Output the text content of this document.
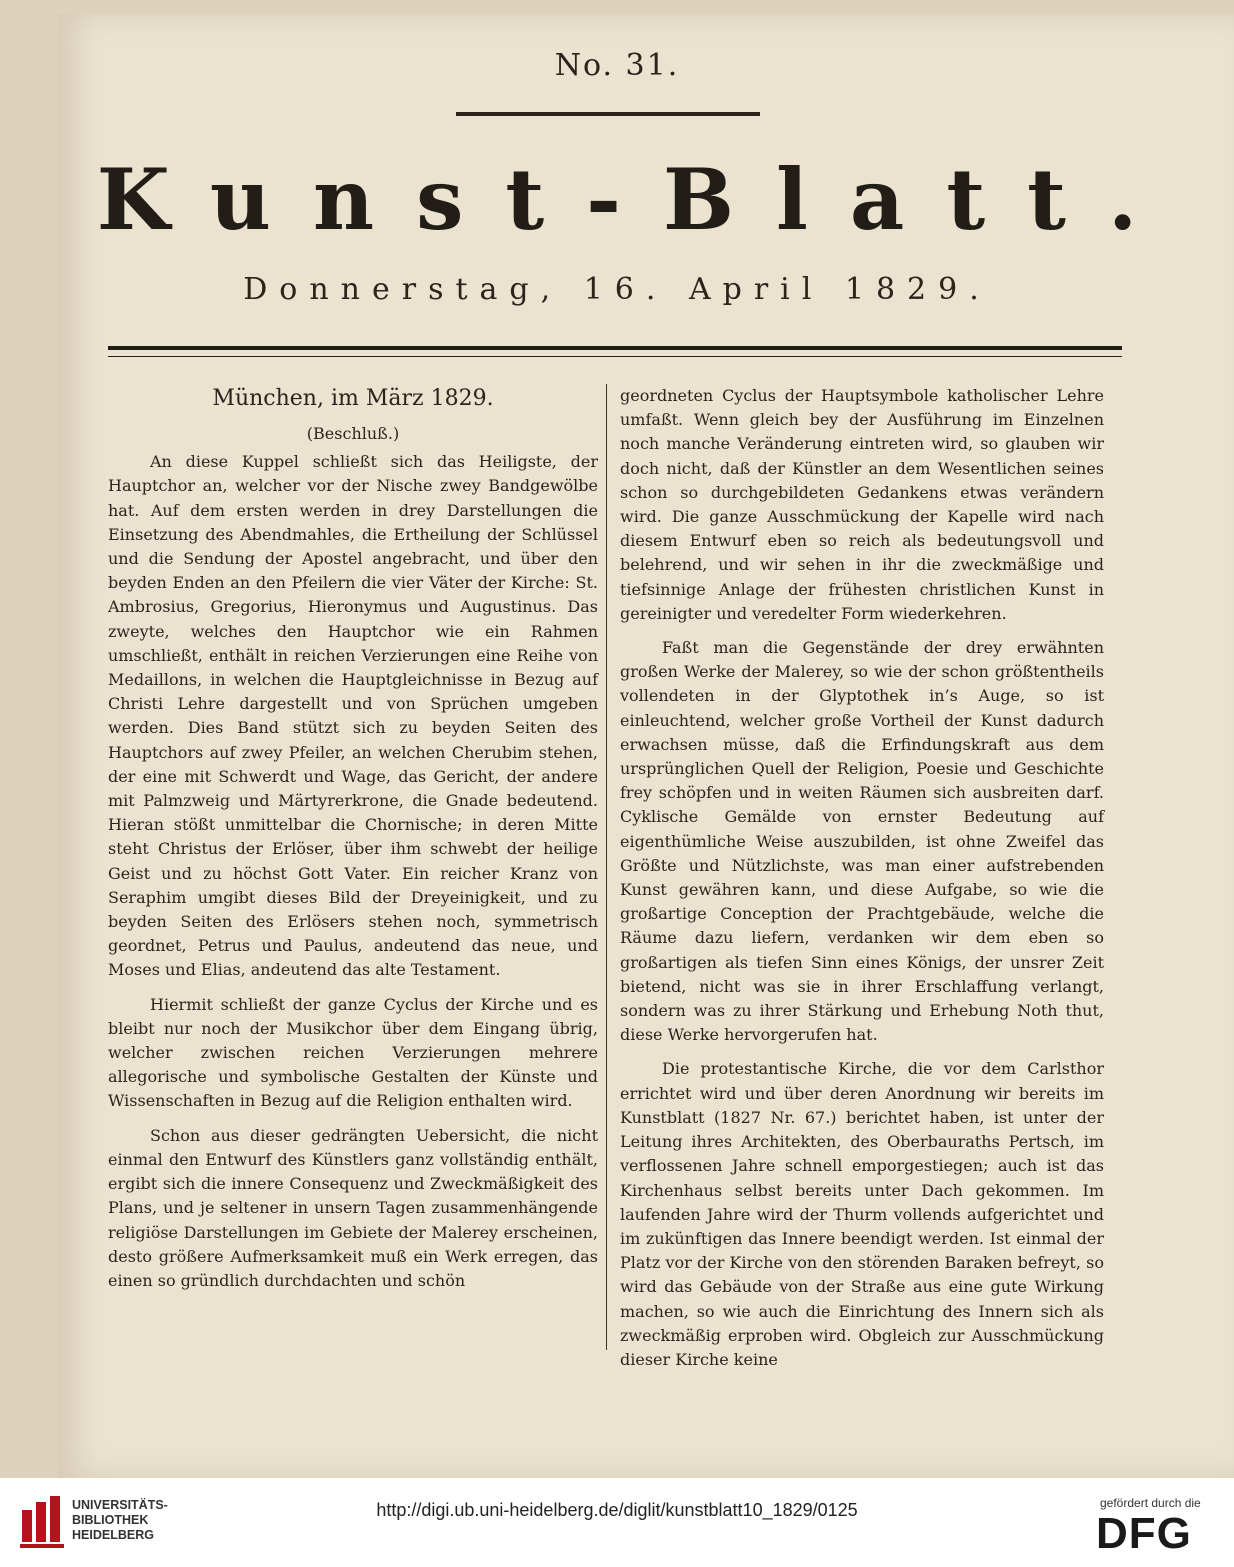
No. 31.
Kunst-Blatt.
Donnerstag, 16. April 1829.
München, im März 1829.
(Beschluß.)

An diese Kuppel schließt sich das Heiligste, der Hauptchor an, welcher vor der Nische zwey Bandgewölbe hat. Auf dem ersten werden in drey Darstellungen die Einsetzung des Abendmahles, die Ertheilung der Schlüssel und die Sendung der Apostel angebracht, und über den beyden Enden an den Pfeilern die vier Väter der Kirche: St. Ambrosius, Gregorius, Hieronymus und Augustinus. Das zweyte, welches den Hauptchor wie ein Rahmen umschließt, enthält in reichen Verzierungen eine Reihe von Medaillons, in welchen die Hauptgleichnisse in Bezug auf Christi Lehre dargestellt und von Sprüchen umgeben werden. Dies Band stützt sich zu beyden Seiten des Hauptchors auf zwey Pfeiler, an welchen Cherubim stehen, der eine mit Schwerdt und Wage, das Gericht, der andere mit Palmzweig und Märtyrerkrone, die Gnade bedeutend. Hieran stößt unmittelbar die Chornische; in deren Mitte steht Christus der Erlöser, über ihm schwebt der heilige Geist und zu höchst Gott Vater. Ein reicher Kranz von Seraphim umgibt dieses Bild der Dreyeinigkeit, und zu beyden Seiten des Erlösers stehen noch, symmetrisch geordnet, Petrus und Paulus, andeutend das neue, und Moses und Elias, andeutend das alte Testament.

Hiermit schließt der ganze Cyclus der Kirche und es bleibt nur noch der Musikchor über dem Eingang übrig, welcher zwischen reichen Verzierungen mehrere allegorische und symbolische Gestalten der Künste und Wissenschaften in Bezug auf die Religion enthalten wird.

Schon aus dieser gedrängten Uebersicht, die nicht einmal den Entwurf des Künstlers ganz vollständig enthält, ergibt sich die innere Consequenz und Zweckmäßigkeit des Plans, und je seltener in unsern Tagen zusammenhängende religiöse Darstellungen im Gebiete der Malerey erscheinen, desto größere Aufmerksamkeit muß ein Werk erregen, das einen so gründlich durchdachten und schön

geordneten Cyclus der Hauptsymbole katholischer Lehre umfaßt. Wenn gleich bey der Ausführung im Einzelnen noch manche Veränderung eintreten wird, so glauben wir doch nicht, daß der Künstler an dem Wesentlichen seines schon so durchgebildeten Gedankens etwas verändern wird. Die ganze Ausschmückung der Kapelle wird nach diesem Entwurf eben so reich als bedeutungsvoll und belehrend, und wir sehen in ihr die zweckmäßige und tiefsinnige Anlage der frühesten christlichen Kunst in gereinigter und veredelter Form wiederkehren.

Faßt man die Gegenstände der drey erwähnten großen Werke der Malerey, so wie der schon größtentheils vollendeten in der Glyptothek in’s Auge, so ist einleuchtend, welcher große Vortheil der Kunst dadurch erwachsen müsse, daß die Erfindungskraft aus dem ursprünglichen Quell der Religion, Poesie und Geschichte frey schöpfen und in weiten Räumen sich ausbreiten darf. Cyklische Gemälde von ernster Bedeutung auf eigenthümliche Weise auszubilden, ist ohne Zweifel das Größte und Nützlichste, was man einer aufstrebenden Kunst gewähren kann, und diese Aufgabe, so wie die großartige Conception der Prachtgebäude, welche die Räume dazu liefern, verdanken wir dem eben so großartigen als tiefen Sinn eines Königs, der unsrer Zeit bietend, nicht was sie in ihrer Erschlaffung verlangt, sondern was zu ihrer Stärkung und Erhebung Noth thut, diese Werke hervorgerufen hat.

Die protestantische Kirche, die vor dem Carlsthor errichtet wird und über deren Anordnung wir bereits im Kunstblatt (1827 Nr. 67.) berichtet haben, ist unter der Leitung ihres Architekten, des Oberbauraths Pertsch, im verflossenen Jahre schnell emporgestiegen; auch ist das Kirchenhaus selbst bereits unter Dach gekommen. Im laufenden Jahre wird der Thurm vollends aufgerichtet und im zukünftigen das Innere beendigt werden. Ist einmal der Platz vor der Kirche von den störenden Baraken befreyt, so wird das Gebäude von der Straße aus eine gute Wirkung machen, so wie auch die Einrichtung des Innern sich als zweckmäßig erproben wird. Obgleich zur Ausschmückung dieser Kirche keine

UNIVERSITÄTS-
BIBLIOTHEK
HEIDELBERG
http://digi.ub.uni-heidelberg.de/diglit/kunstblatt10_1829/0125	gefördert durch die
DFG
